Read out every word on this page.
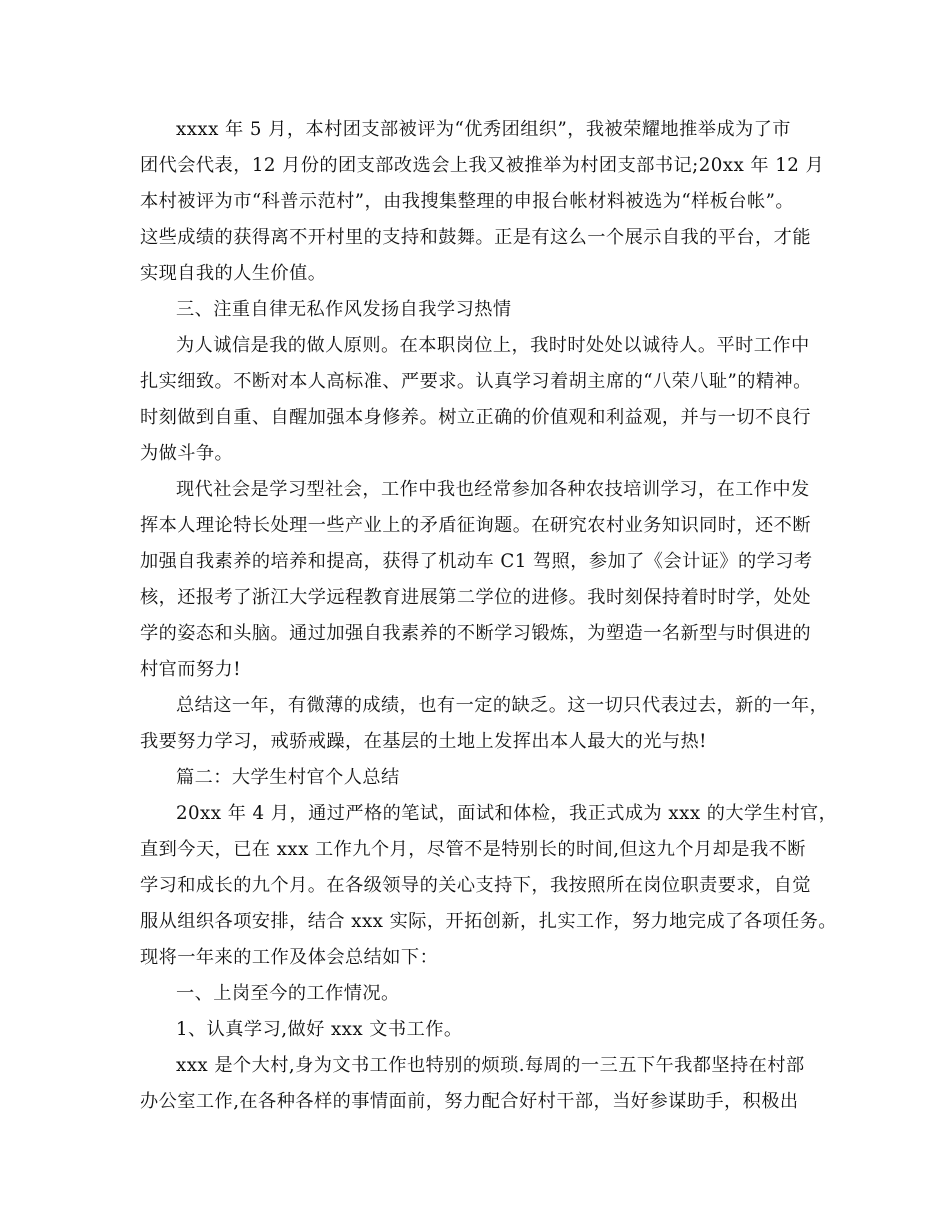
xxxx 年 5 月，本村团支部被评为“优秀团组织”，我被荣耀地推举成为了市
团代会代表，12 月份的团支部改选会上我又被推举为村团支部书记;20xx 年 12 月
本村被评为市“科普示范村”，由我搜集整理的申报台帐材料被选为“样板台帐”。
这些成绩的获得离不开村里的支持和鼓舞。正是有这么一个展示自我的平台，才能
实现自我的人生价值。
三、注重自律无私作风发扬自我学习热情
为人诚信是我的做人原则。在本职岗位上，我时时处处以诚待人。平时工作中
扎实细致。不断对本人高标准、严要求。认真学习着胡主席的“八荣八耻”的精神。
时刻做到自重、自醒加强本身修养。树立正确的价值观和利益观，并与一切不良行
为做斗争。
现代社会是学习型社会，工作中我也经常参加各种农技培训学习，在工作中发
挥本人理论特长处理一些产业上的矛盾征询题。在研究农村业务知识同时，还不断
加强自我素养的培养和提高，获得了机动车 C1 驾照，参加了《会计证》的学习考
核，还报考了浙江大学远程教育进展第二学位的进修。我时刻保持着时时学，处处
学的姿态和头脑。通过加强自我素养的不断学习锻炼，为塑造一名新型与时俱进的
村官而努力!
总结这一年，有微薄的成绩，也有一定的缺乏。这一切只代表过去，新的一年，
我要努力学习，戒骄戒躁，在基层的土地上发挥出本人最大的光与热!
篇二：大学生村官个人总结
20xx 年 4 月，通过严格的笔试，面试和体检，我正式成为 xxx 的大学生村官，
直到今天，已在 xxx 工作九个月，尽管不是特别长的时间,但这九个月却是我不断
学习和成长的九个月。在各级领导的关心支持下，我按照所在岗位职责要求，自觉
服从组织各项安排，结合 xxx 实际，开拓创新，扎实工作，努力地完成了各项任务。
现将一年来的工作及体会总结如下：
一、上岗至今的工作情况。
1、认真学习,做好 xxx 文书工作。
xxx 是个大村,身为文书工作也特别的烦琐.每周的一三五下午我都坚持在村部
办公室工作,在各种各样的事情面前，努力配合好村干部，当好参谋助手，积极出
